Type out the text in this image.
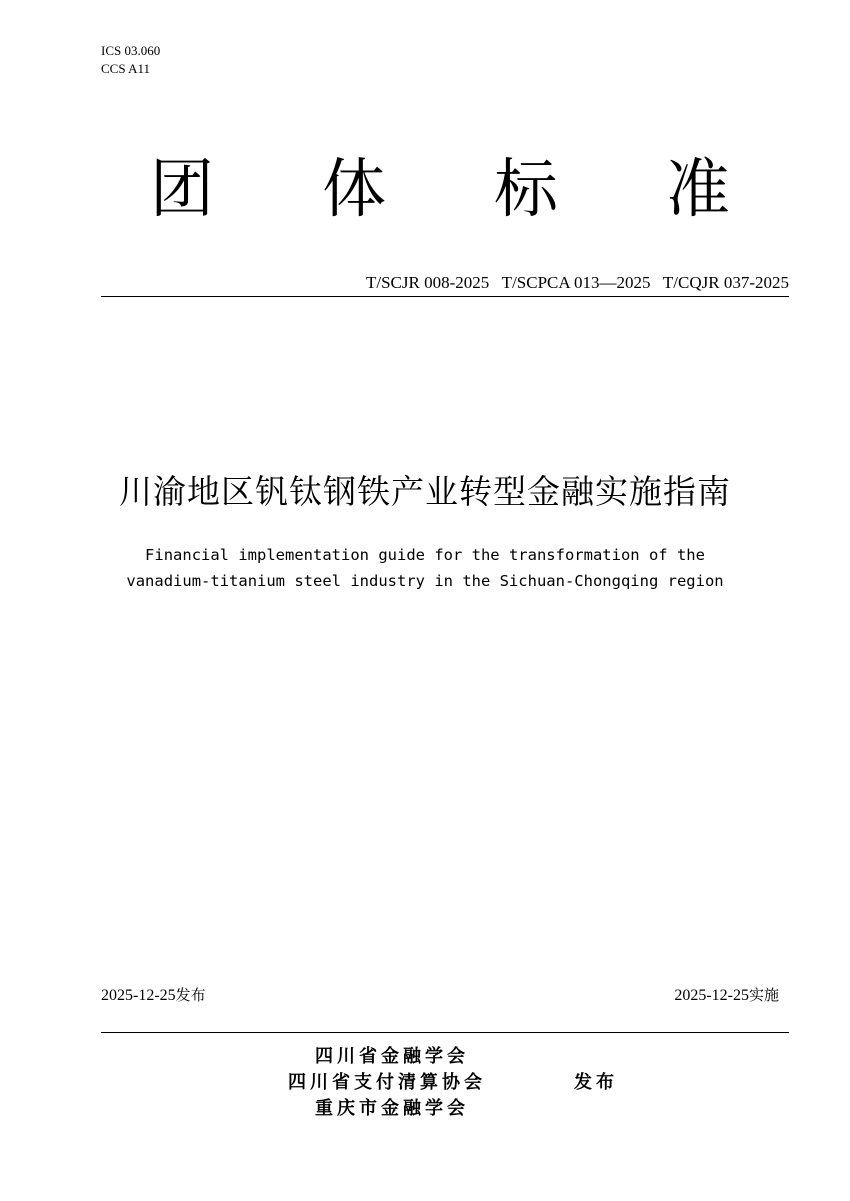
ICS 03.060
CCS A11
团 体 标 准
T/SCJR 008-2025   T/SCPCA 013—2025   T/CQJR 037-2025
川渝地区钒钛钢铁产业转型金融实施指南
Financial implementation guide for the transformation of the
vanadium-titanium steel industry in the Sichuan-Chongqing region
2025-12-25发布	2025-12-25实施
四川省金融学会
四川省支付清算协会	发布
重庆市金融学会
